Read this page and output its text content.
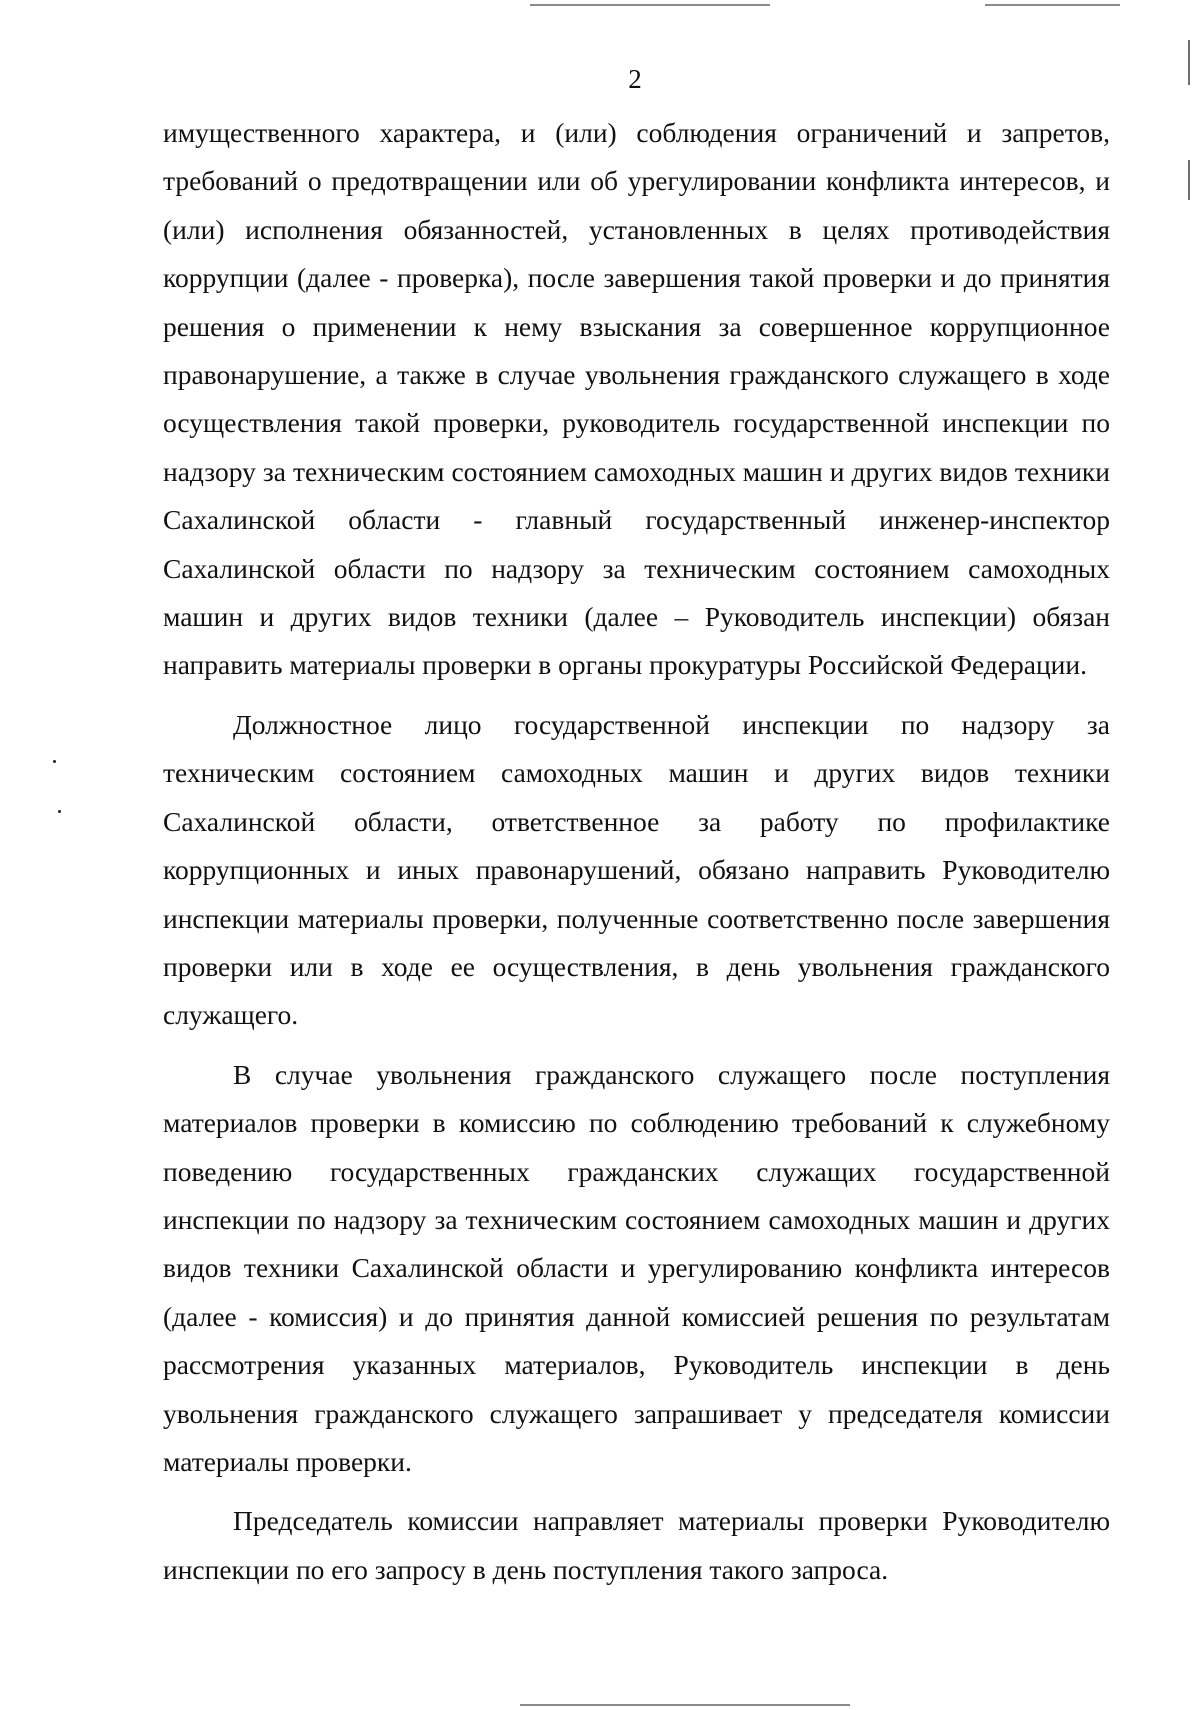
2

имущественного характера, и (или) соблюдения ограничений и запретов, требований о предотвращении или об урегулировании конфликта интересов, и (или) исполнения обязанностей, установленных в целях противодействия коррупции (далее - проверка), после завершения такой проверки и до принятия решения о применении к нему взыскания за совершенное коррупционное правонарушение, а также в случае увольнения гражданского служащего в ходе осуществления такой проверки, руководитель государственной инспекции по надзору за техническим состоянием самоходных машин и других видов техники Сахалинской области - главный государственный инженер-инспектор Сахалинской области по надзору за техническим состоянием самоходных машин и других видов техники (далее – Руководитель инспекции) обязан направить материалы проверки в органы прокуратуры Российской Федерации.

Должностное лицо государственной инспекции по надзору за техническим состоянием самоходных машин и других видов техники Сахалинской области, ответственное за работу по профилактике коррупционных и иных правонарушений, обязано направить Руководителю инспекции материалы проверки, полученные соответственно после завершения проверки или в ходе ее осуществления, в день увольнения гражданского служащего.

В случае увольнения гражданского служащего после поступления материалов проверки в комиссию по соблюдению требований к служебному поведению государственных гражданских служащих государственной инспекции по надзору за техническим состоянием самоходных машин и других видов техники Сахалинской области и урегулированию конфликта интересов (далее - комиссия) и до принятия данной комиссией решения по результатам рассмотрения указанных материалов, Руководитель инспекции в день увольнения гражданского служащего запрашивает у председателя комиссии материалы проверки.

Председатель комиссии направляет материалы проверки Руководителю инспекции по его запросу в день поступления такого запроса.
